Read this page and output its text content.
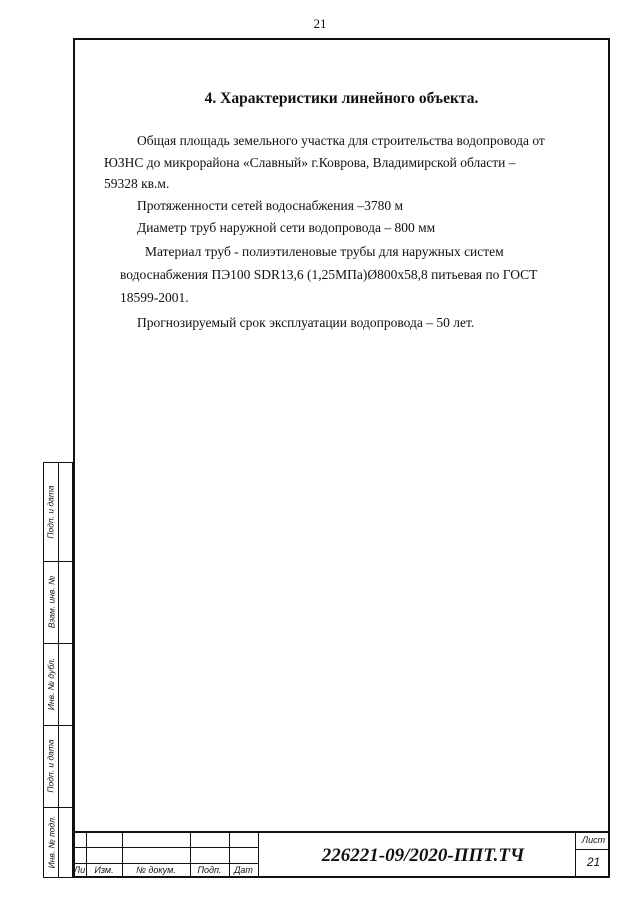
21
4. Характеристики линейного объекта.
Общая площадь земельного участка для строительства водопровода от
ЮЗНС до микрорайона «Славный» г.Коврова, Владимирской области –
59328 кв.м.
Протяженности сетей водоснабжения –3780 м
Диаметр труб наружной сети водопровода – 800 мм
Материал труб - полиэтиленовые трубы для наружных систем
водоснабжения ПЭ100 SDR13,6 (1,25МПа)Ø800х58,8 питьевая по ГОСТ
18599-2001.
Прогнозируемый срок эксплуатации водопровода – 50 лет.
Подп. и дата
Взам. инв. №
Инв. № дубл.
Подп. и дата
Инв. № подл.
Ли	Изм.	№ докум.	Подп.	Дат
226221-09/2020-ППТ.ТЧ
Лист
21
